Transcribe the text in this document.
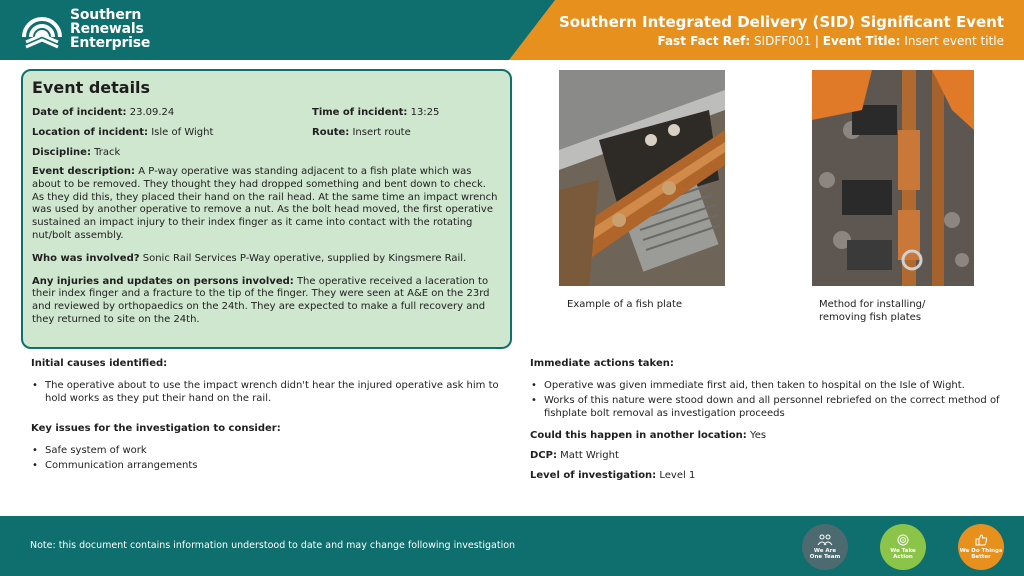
Southern
Renewals
Enterprise
Southern Integrated Delivery (SID) Significant Event
Fast Fact Ref: SIDFF001 | Event Title: Insert event title
Event details
Date of incident: 23.09.24	Time of incident: 13:25
Location of incident: Isle of Wight	Route: Insert route
Discipline: Track

Event description: A P-way operative was standing adjacent to a fish plate which was about to be removed. They thought they had dropped something and bent down to check. As they did this, they placed their hand on the rail head. At the same time an impact wrench was used by another operative to remove a nut. As the bolt head moved, the first operative sustained an impact injury to their index finger as it came into contact with the rotating nut/bolt assembly.

Who was involved? Sonic Rail Services P-Way operative, supplied by Kingsmere Rail.

Any injuries and updates on persons involved: The operative received a laceration to their index finger and a fracture to the tip of the finger. They were seen at A&E on the 23rd and reviewed by orthopaedics on the 24th. They are expected to make a full recovery and they returned to site on the 24th.

Example of a fish plate	Method for installing/ removing fish plates
Initial causes identified:
• The operative about to use the impact wrench didn't hear the injured operative ask him to hold works as they put their hand on the rail.
Key issues for the investigation to consider:
• Safe system of work
• Communication arrangements
Immediate actions taken:
• Operative was given immediate first aid, then taken to hospital on the Isle of Wight.
• Works of this nature were stood down and all personnel rebriefed on the correct method of fishplate bolt removal as investigation proceeds
Could this happen in another location: Yes
DCP: Matt Wright
Level of investigation: Level 1
Note: this document contains information understood to date and may change following investigation	We Are
One Team
We Take
Action
We Do Things
Better
